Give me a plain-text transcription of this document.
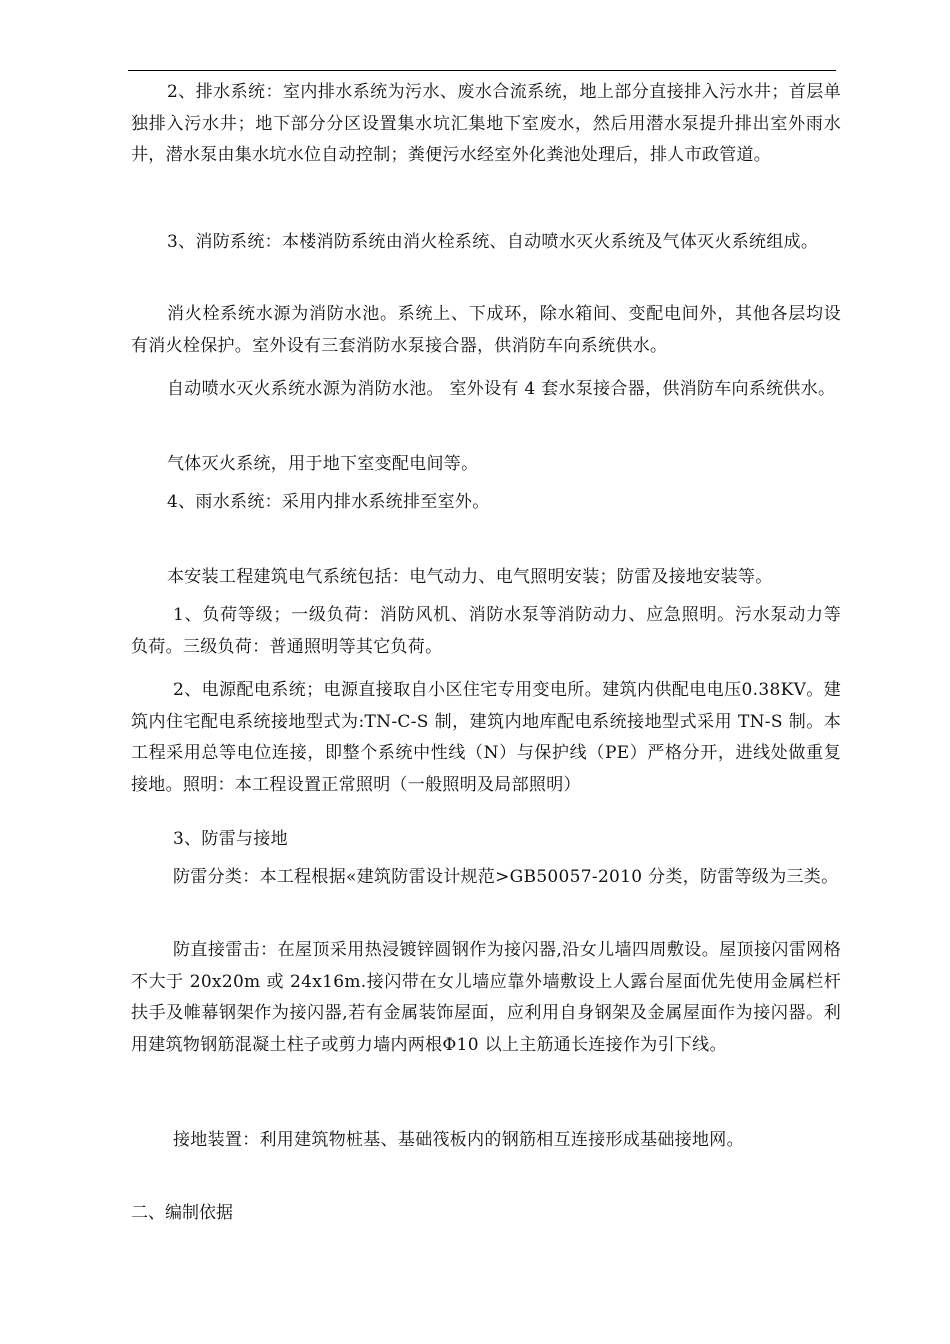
2、排水系统：室内排水系统为污水、废水合流系统，地上部分直接排入污水井；首层单独排入污水井；地下部分分区设置集水坑汇集地下室废水，然后用潜水泵提升排出室外雨水井，潜水泵由集水坑水位自动控制；粪便污水经室外化粪池处理后，排人市政管道。

3、消防系统：本楼消防系统由消火栓系统、自动喷水灭火系统及气体灭火系统组成。

消火栓系统水源为消防水池。系统上、下成环，除水箱间、变配电间外，其他各层均设有消火栓保护。室外设有三套消防水泵接合器，供消防车向系统供水。

自动喷水灭火系统水源为消防水池。 室外设有 4 套水泵接合器，供消防车向系统供水。

气体灭火系统，用于地下室变配电间等。

4、雨水系统：采用内排水系统排至室外。

本安装工程建筑电气系统包括：电气动力、电气照明安装；防雷及接地安装等。

1、负荷等级；一级负荷：消防风机、消防水泵等消防动力、应急照明。污水泵动力等负荷。三级负荷：普通照明等其它负荷。

2、电源配电系统；电源直接取自小区住宅专用变电所。建筑内供配电电压0.38KV。建筑内住宅配电系统接地型式为:TN-C-S 制，建筑内地库配电系统接地型式采用 TN-S 制。本工程采用总等电位连接，即整个系统中性线（N）与保护线（PE）严格分开，进线处做重复接地。照明：本工程设置正常照明（一般照明及局部照明）

3、防雷与接地

防雷分类：本工程根据«建筑防雷设计规范>GB50057-2010 分类，防雷等级为三类。

防直接雷击：在屋顶采用热浸镀锌圆钢作为接闪器,沿女儿墙四周敷设。屋顶接闪雷网格不大于 20x20m 或 24x16m.接闪带在女儿墙应靠外墙敷设上人露台屋面优先使用金属栏杆扶手及帷幕钢架作为接闪器,若有金属装饰屋面，应利用自身钢架及金属屋面作为接闪器。利用建筑物钢筋混凝土柱子或剪力墙内两根Φ10 以上主筋通长连接作为引下线。

接地装置：利用建筑物桩基、基础筏板内的钢筋相互连接形成基础接地网。

二、编制依据
